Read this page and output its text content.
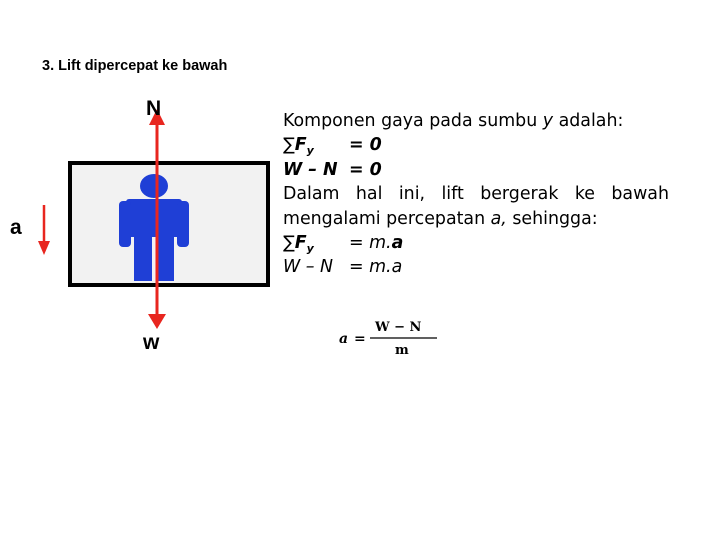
3. Lift dipercepat ke bawah
N
a
w
Komponen gaya pada sumbu y adalah:
$\sum F_y = 0$
W – N = 0
Dalam hal ini, lift bergerak ke bawah
mengalami percepatan a, sehingga:
$\sum F_y = m.a$
W – N = m.a
a =
W − N
m
